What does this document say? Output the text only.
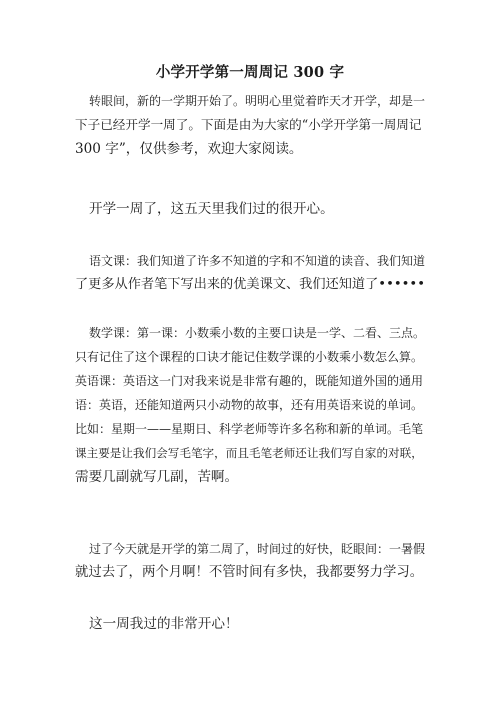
小学开学第一周周记 300 字
转眼间，新的一学期开始了。明明心里觉着昨天才开学，却是一
下子已经开学一周了。下面是由为大家的“小学开学第一周周记
300 字”，仅供参考，欢迎大家阅读。
开学一周了，这五天里我们过的很开心。
语文课：我们知道了许多不知道的字和不知道的读音、我们知道
了更多从作者笔下写出来的优美课文、我们还知道了••••••
数学课：第一课：小数乘小数的主要口诀是一学、二看、三点。
只有记住了这个课程的口诀才能记住数学课的小数乘小数怎么算。
英语课：英语这一门对我来说是非常有趣的，既能知道外国的通用
语：英语，还能知道两只小动物的故事，还有用英语来说的单词。
比如：星期一——星期日、科学老师等许多名称和新的单词。毛笔
课主要是让我们会写毛笔字，而且毛笔老师还让我们写自家的对联，
需要几副就写几副，苦啊。
过了今天就是开学的第二周了，时间过的好快，眨眼间：一暑假
就过去了，两个月啊！不管时间有多快，我都要努力学习。
这一周我过的非常开心！
